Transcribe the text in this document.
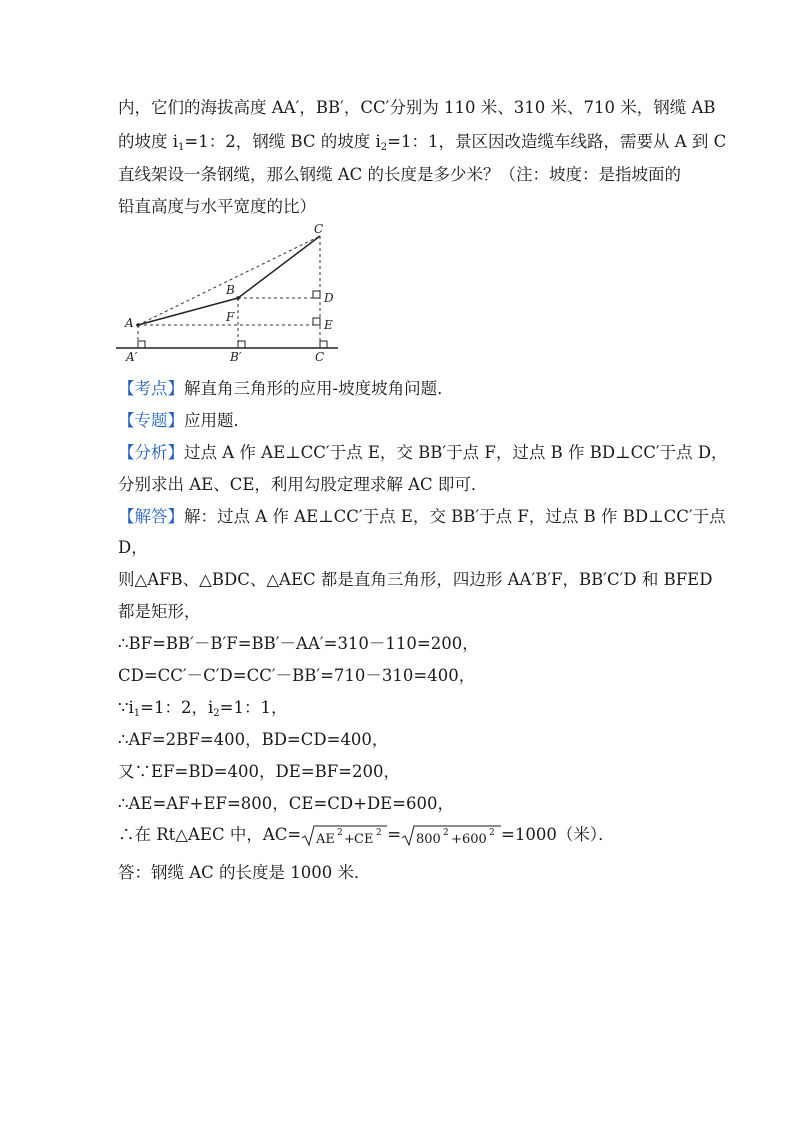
内，它们的海拔高度 AA′，BB′，CC′分别为 110 米、310 米、710 米，钢缆 AB
的坡度 $i_1=1$：2，钢缆 BC 的坡度 $i_2=1$：1，景区因改造缆车线路，需要从 A 到 C
直线架设一条钢缆，那么钢缆 AC 的长度是多少米？（注：坡度：是指坡面的
铅直高度与水平宽度的比）
C
B
D
F
E
A
A′	B′	C
【考点】解直角三角形的应用-坡度坡角问题．
【专题】应用题．
【分析】过点 A 作 AE⊥CC′于点 E，交 BB′于点 F，过点 B 作 BD⊥CC′于点 D，
分别求出 AE、CE，利用勾股定理求解 AC 即可．
【解答】解：过点 A 作 AE⊥CC′于点 E，交 BB′于点 F，过点 B 作 BD⊥CC′于点
D，
则△AFB、△BDC、△AEC 都是直角三角形，四边形 AA′B′F，BB′C′D 和 BFED
都是矩形，
∴BF=BB′－B′F=BB′－AA′=310－110=200，
CD=CC′－C′D=CC′－BB′=710－310=400，
$\because i_1=1$：2，$i_2=1$：1，
∴AF=2BF=400，BD=CD=400，
又∵EF=BD=400，DE=BF=200，
∴AE=AF+EF=800，CE=CD+DE=600，
∴在 Rt△AEC 中，AC= AE 2 + CE 2 = 800 2 + 600 2 =1000（米）．
答：钢缆 AC 的长度是 1000 米．
